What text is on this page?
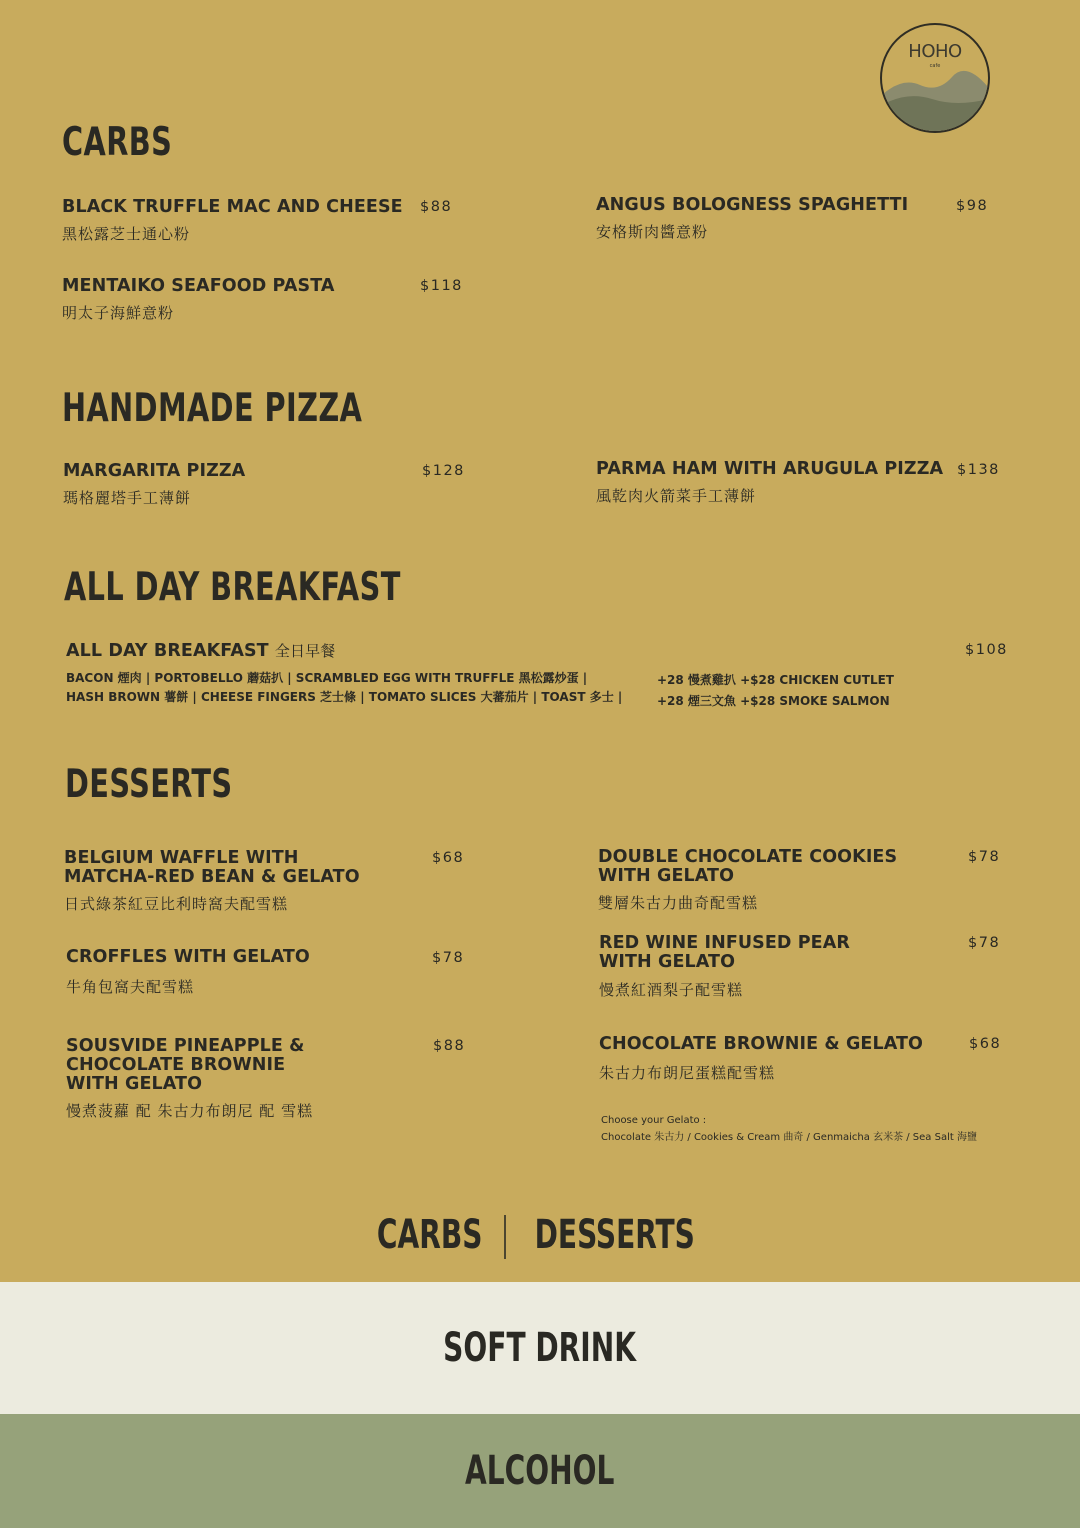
HOHO
cafe
CARBS
BLACK TRUFFLE MAC AND CHEESE
黑松露芝士通心粉
$88	ANGUS BOLOGNESS SPAGHETTI
安格斯肉醬意粉
$98
MENTAIKO SEAFOOD PASTA
明太子海鮮意粉
$118
HANDMADE PIZZA
MARGARITA PIZZA
瑪格麗塔手工薄餅
$128	PARMA HAM WITH ARUGULA PIZZA
風乾肉火箭菜手工薄餅
$138
ALL DAY BREAKFAST
ALL DAY BREAKFAST 全日早餐	$108
BACON 煙肉 | PORTOBELLO 蘑菇扒 | SCRAMBLED EGG WITH TRUFFLE 黑松露炒蛋 |
HASH BROWN 薯餅 | CHEESE FINGERS 芝士條 | TOMATO SLICES 大蕃茄片 | TOAST 多士 |
+28 慢煮雞扒 +$28 CHICKEN CUTLET
+28 煙三文魚 +$28 SMOKE SALMON
DESSERTS
BELGIUM WAFFLE WITH
MATCHA-RED BEAN & GELATO
日式綠茶紅豆比利時窩夫配雪糕
$68	DOUBLE CHOCOLATE COOKIES
WITH GELATO
雙層朱古力曲奇配雪糕
$78
CROFFLES WITH GELATO
牛角包窩夫配雪糕
$78
RED WINE INFUSED PEAR
WITH GELATO
慢煮紅酒梨子配雪糕
$78
SOUSVIDE PINEAPPLE &
CHOCOLATE BROWNIE
WITH GELATO
慢煮菠蘿 配 朱古力布朗尼 配 雪糕
$88	CHOCOLATE BROWNIE & GELATO
朱古力布朗尼蛋糕配雪糕
$68
Choose your Gelato :
Chocolate 朱古力 / Cookies & Cream 曲奇 / Genmaicha 玄米茶 / Sea Salt 海鹽
CARBS DESSERTS
SOFT DRINK
ALCOHOL
